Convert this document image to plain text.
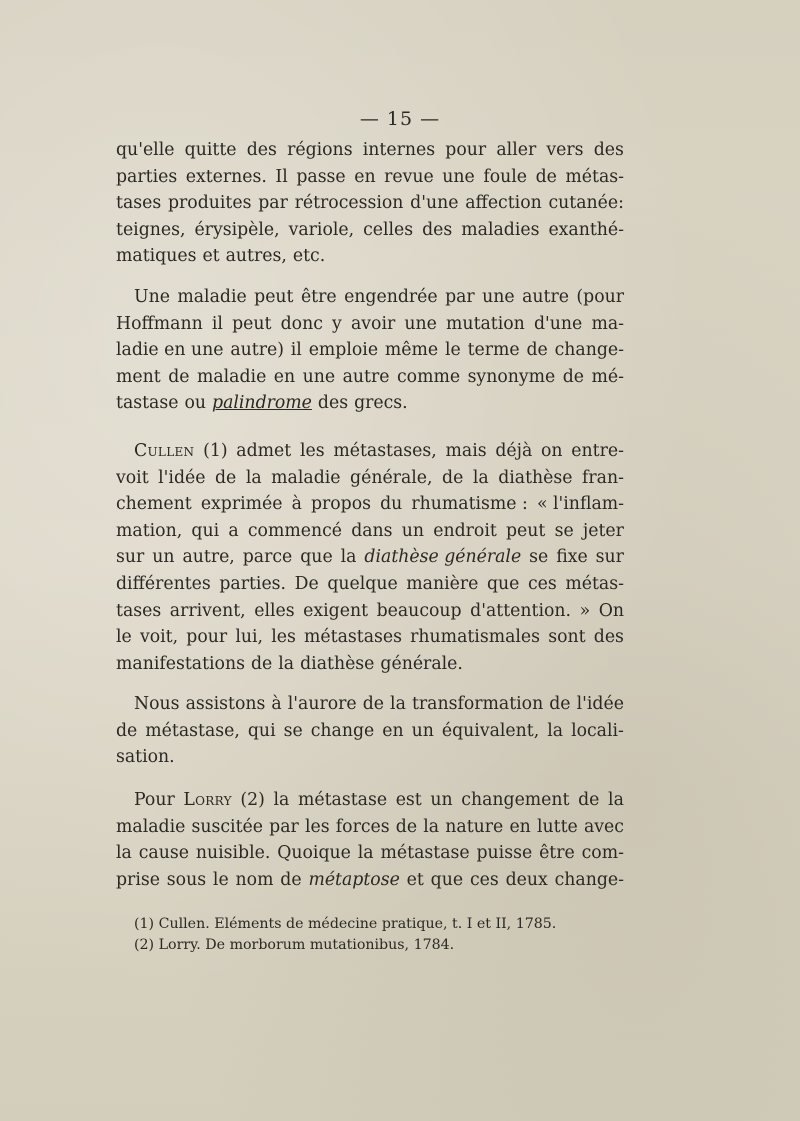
— 15 —
qu'elle quitte des régions internes pour aller vers des
parties externes. Il passe en revue une foule de métas-
tases produites par rétrocession d'une affection cutanée:
teignes, érysipèle, variole, celles des maladies exanthé-
matiques et autres, etc.
Une maladie peut être engendrée par une autre (pour
Hoffmann il peut donc y avoir une mutation d'une ma-
ladie en une autre) il emploie même le terme de change-
ment de maladie en une autre comme synonyme de mé-
tastase ou palindrome des grecs.
Cullen (1) admet les métastases, mais déjà on entre-
voit l'idée de la maladie générale, de la diathèse fran-
chement exprimée à propos du rhumatisme : « l'inflam-
mation, qui a commencé dans un endroit peut se jeter
sur un autre, parce que la diathèse générale se fixe sur
différentes parties. De quelque manière que ces métas-
tases arrivent, elles exigent beaucoup d'attention. » On
le voit, pour lui, les métastases rhumatismales sont des
manifestations de la diathèse générale.
Nous assistons à l'aurore de la transformation de l'idée
de métastase, qui se change en un équivalent, la locali-
sation.
Pour Lorry (2) la métastase est un changement de la
maladie suscitée par les forces de la nature en lutte avec
la cause nuisible. Quoique la métastase puisse être com-
prise sous le nom de métaptose et que ces deux change-
(1) Cullen. Eléments de médecine pratique, t. I et II, 1785.
(2) Lorry. De morborum mutationibus, 1784.
